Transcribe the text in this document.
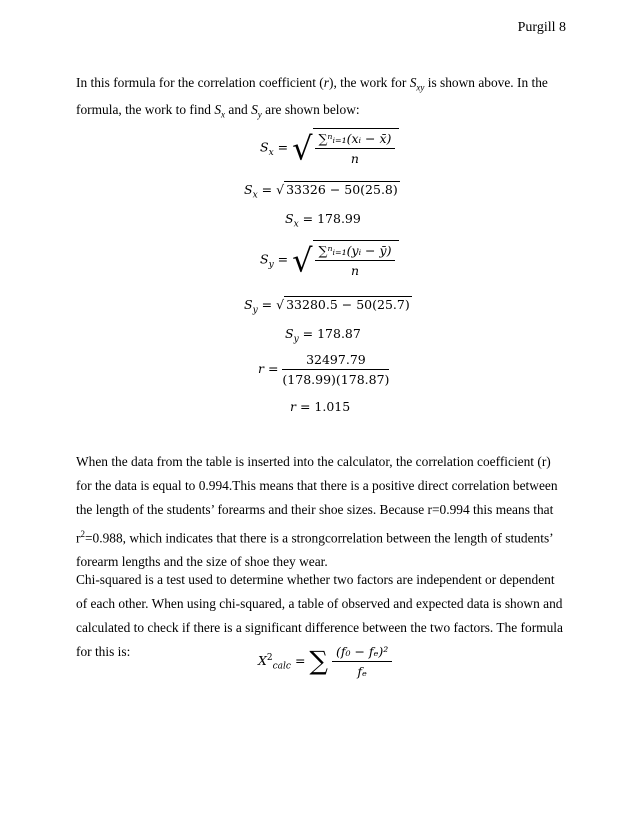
Purgill 8
In this formula for the correlation coefficient (r), the work for $S_{xy}$ is shown above. In the formula, the work to find $S_x$ and $S_y$ are shown below:
$S_x$ = √ $\frac{\text{∑ⁿᵢ₌₁(xᵢ − x̄)}}{n}$
$S_x$ = √ 33326 − 50(25.8)
$S_x = 178.99$
$S_y$ = √ $\frac{\text{∑ⁿᵢ₌₁(yᵢ − ȳ)}}{n}$
$S_y$ = √ 33280.5 − 50(25.7)
$S_y = 178.87$
$r = \frac{32497.79}{(178.99)(178.87)}$
r = 1.015
When the data from the table is inserted into the calculator, the correlation coefficient (r) for the data is equal to 0.994.This means that there is a positive direct correlation between the length of the students’ forearms and their shoe sizes. Because r=0.994 this means that $r^2=0.988$, which indicates that there is a strongcorrelation between the length of students’ forearm lengths and the size of shoe they wear.
Chi-squared is a test used to determine whether two factors are independent or dependent of each other. When using chi-squared, a table of observed and expected data is shown and calculated to check if there is a significant difference between the two factors. The formula for this is:
$X^2_{calc}$ = ∑ $\frac{\text{(f₀ − fₑ)²}}{\text{fₑ}}$
